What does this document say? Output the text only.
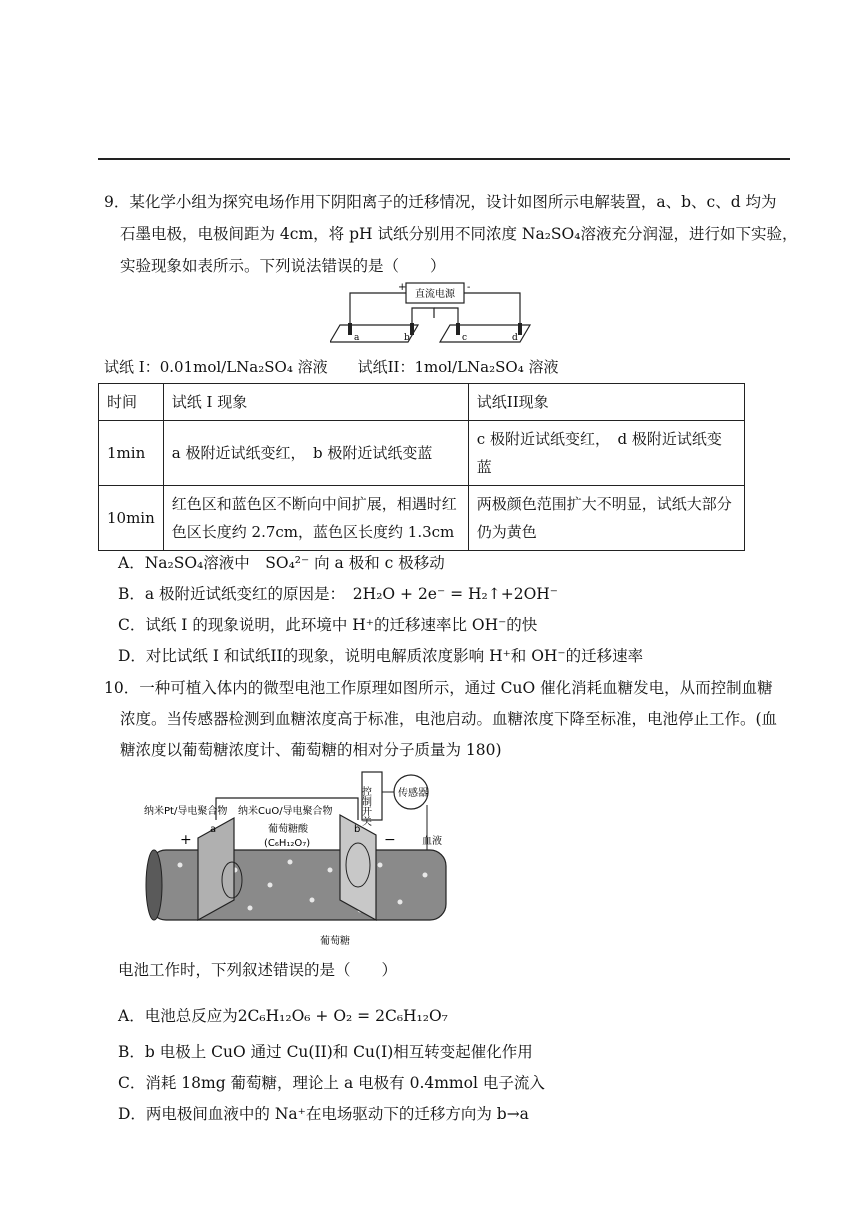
9．某化学小组为探究电场作用下阴阳离子的迁移情况，设计如图所示电解装置，a、b、c、d 均为
石墨电极，电极间距为 4cm，将 pH 试纸分别用不同浓度 Na₂SO₄溶液充分润湿，进行如下实验，
实验现象如表所示。下列说法错误的是（　　）
直流电源
+	-
a	b	c	d
试纸 I：0.01mol/LNa₂SO₄ 溶液　　试纸II：1mol/LNa₂SO₄ 溶液
时间	试纸 I 现象	试纸II现象
1min	a 极附近试纸变红，　b 极附近试纸变蓝	c 极附近试纸变红，　d 极附近试纸变蓝
10min	红色区和蓝色区不断向中间扩展，相遇时红色区长度约 2.7cm，蓝色区长度约 1.3cm	两极颜色范围扩大不明显，试纸大部分仍为黄色
A．Na₂SO₄溶液中　SO₄²⁻ 向 a 极和 c 极移动
B．a 极附近试纸变红的原因是：　2H₂O + 2e⁻ = H₂↑+2OH⁻
C．试纸 I 的现象说明，此环境中 H⁺的迁移速率比 OH⁻的快
D．对比试纸 I 和试纸II的现象，说明电解质浓度影响 H⁺和 OH⁻的迁移速率
10．一种可植入体内的微型电池工作原理如图所示，通过 CuO 催化消耗血糖发电，从而控制血糖
浓度。当传感器检测到血糖浓度高于标准，电池启动。血糖浓度下降至标准，电池停止工作。(血
糖浓度以葡萄糖浓度计、葡萄糖的相对分子质量为 180)
纳米Pt/导电聚合物
a
纳米CuO/导电聚合物
b
葡萄糖酸
(C₆H₁₂O₇)
控制开关	传感器
血液
葡萄糖
+	−
电池工作时，下列叙述错误的是（　　）
A．电池总反应为2C₆H₁₂O₆ + O₂ = 2C₆H₁₂O₇
B．b 电极上 CuO 通过 Cu(II)和 Cu(I)相互转变起催化作用
C．消耗 18mg 葡萄糖，理论上 a 电极有 0.4mmol 电子流入
D．两电极间血液中的 Na⁺在电场驱动下的迁移方向为 b→a
